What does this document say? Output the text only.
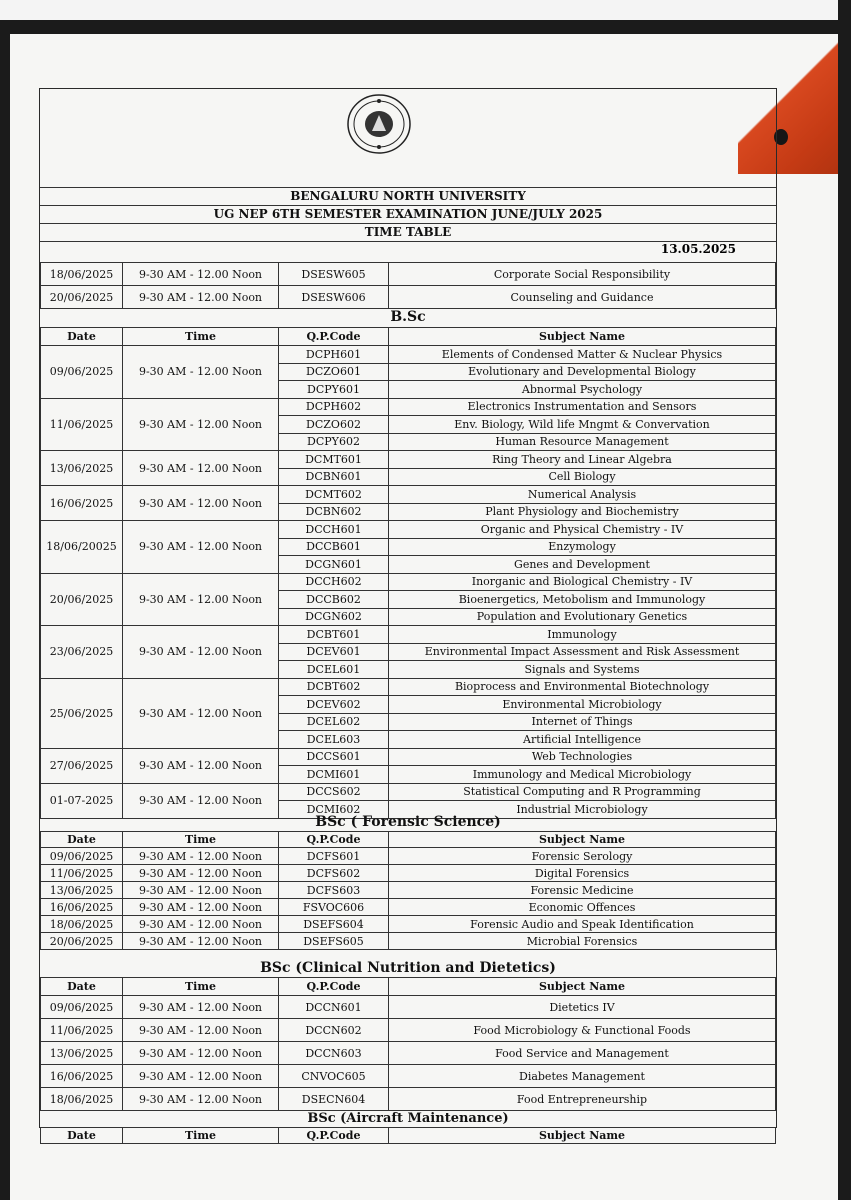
BENGALURU NORTH UNIVERSITY
UG NEP 6TH SEMESTER EXAMINATION JUNE/JULY 2025
TIME TABLE
13.05.2025
18/06/2025	9-30 AM - 12.00 Noon	DSESW605	Corporate Social Responsibility
20/06/2025	9-30 AM - 12.00 Noon	DSESW606	Counseling and Guidance
B.Sc
Date	Time	Q.P.Code	Subject Name
09/06/2025	9-30 AM - 12.00 Noon	DCPH601	Elements of Condensed Matter & Nuclear Physics
		DCZO601	Evolutionary and Developmental Biology
		DCPY601	Abnormal Psychology
11/06/2025	9-30 AM - 12.00 Noon	DCPH602	Electronics Instrumentation and Sensors
		DCZO602	Env. Biology, Wild life Mngmt & Convervation
		DCPY602	Human Resource Management
13/06/2025	9-30 AM - 12.00 Noon	DCMT601	Ring Theory and Linear Algebra
		DCBN601	Cell Biology
16/06/2025	9-30 AM - 12.00 Noon	DCMT602	Numerical Analysis
		DCBN602	Plant Physiology and Biochemistry
18/06/20025	9-30 AM - 12.00 Noon	DCCH601	Organic and Physical Chemistry - IV
		DCCB601	Enzymology
		DCGN601	Genes and Development
20/06/2025	9-30 AM - 12.00 Noon	DCCH602	Inorganic and Biological Chemistry - IV
		DCCB602	Bioenergetics, Metobolism and Immunology
		DCGN602	Population and Evolutionary Genetics
23/06/2025	9-30 AM - 12.00 Noon	DCBT601	Immunology
		DCEV601	Environmental Impact Assessment and Risk Assessment
		DCEL601	Signals and Systems
25/06/2025	9-30 AM - 12.00 Noon	DCBT602	Bioprocess and Environmental Biotechnology
		DCEV602	Environmental Microbiology
		DCEL602	Internet of Things
		DCEL603	Artificial Intelligence
27/06/2025	9-30 AM - 12.00 Noon	DCCS601	Web Technologies
		DCMI601	Immunology and Medical Microbiology
01-07-2025	9-30 AM - 12.00 Noon	DCCS602	Statistical Computing and R Programming
		DCMI602	Industrial Microbiology
BSc ( Forensic Science)
Date	Time	Q.P.Code	Subject Name
09/06/2025	9-30 AM - 12.00 Noon	DCFS601	Forensic Serology
11/06/2025	9-30 AM - 12.00 Noon	DCFS602	Digital Forensics
13/06/2025	9-30 AM - 12.00 Noon	DCFS603	Forensic Medicine
16/06/2025	9-30 AM - 12.00 Noon	FSVOC606	Economic Offences
18/06/2025	9-30 AM - 12.00 Noon	DSEFS604	Forensic Audio and Speak Identification
20/06/2025	9-30 AM - 12.00 Noon	DSEFS605	Microbial Forensics
BSc (Clinical Nutrition and Dietetics)
Date	Time	Q.P.Code	Subject Name
09/06/2025	9-30 AM - 12.00 Noon	DCCN601	Dietetics IV
11/06/2025	9-30 AM - 12.00 Noon	DCCN602	Food Microbiology & Functional Foods
13/06/2025	9-30 AM - 12.00 Noon	DCCN603	Food Service and Management
16/06/2025	9-30 AM - 12.00 Noon	CNVOC605	Diabetes Management
18/06/2025	9-30 AM - 12.00 Noon	DSECN604	Food Entrepreneurship
BSc (Aircraft Maintenance)
Date	Time	Q.P.Code	Subject Name
